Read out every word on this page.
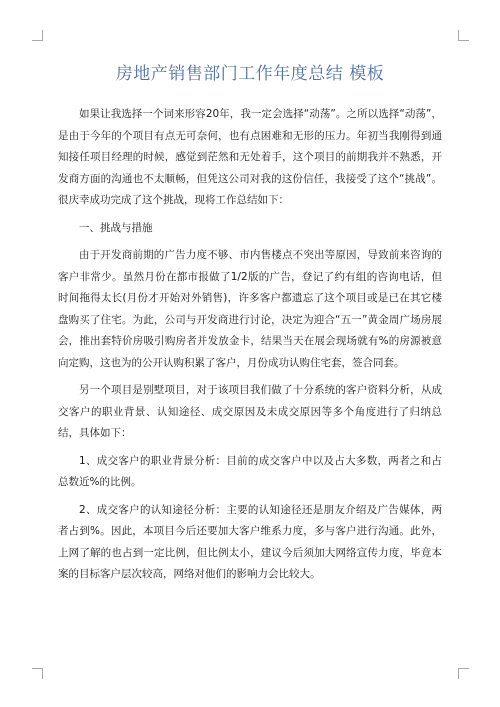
房地产销售部门工作年度总结 模板

如果让我选择一个词来形容20年，我一定会选择“动荡”。之所以选择“动荡”，是由于今年的个项目有点无可奈何，也有点困难和无形的压力。年初当我刚得到通知接任项目经理的时候，感觉到茫然和无处着手，这个项目的前期我并不熟悉，开发商方面的沟通也不太顺畅，但凭这公司对我的这份信任，我接受了这个“挑战”。很庆幸成功完成了这个挑战，现将工作总结如下：

一、挑战与措施

由于开发商前期的广告力度不够、市内售楼点不突出等原因，导致前来咨询的客户非常少。虽然月份在都市报做了1/2版的广告，登记了约有组的咨询电话，但时间拖得太长(月份才开始对外销售)，许多客户都遗忘了这个项目或是已在其它楼盘购买了住宅。为此，公司与开发商进行讨论，决定为迎合“五一”黄金周广场房展会，推出套特价房吸引购房者并发放金卡，结果当天在展会现场就有%的房源被意向定购，这也为的公开认购积累了客户，月份成功认购住宅套，签合同套。

另一个项目是别墅项目，对于该项目我们做了十分系统的客户资料分析，从成交客户的职业背景、认知途径、成交原因及未成交原因等多个角度进行了归纳总结，具体如下：

1、成交客户的职业背景分析：目前的成交客户中以及占大多数，两者之和占总数近%的比例。

2、成交客户的认知途径分析：主要的认知途径还是朋友介绍及广告媒体，两者占到%。因此，本项目今后还要加大客户维系力度，多与客户进行沟通。此外，上网了解的也占到一定比例，但比例太小，建议今后须加大网络宣传力度，毕竟本案的目标客户层次较高，网络对他们的影响力会比较大。
